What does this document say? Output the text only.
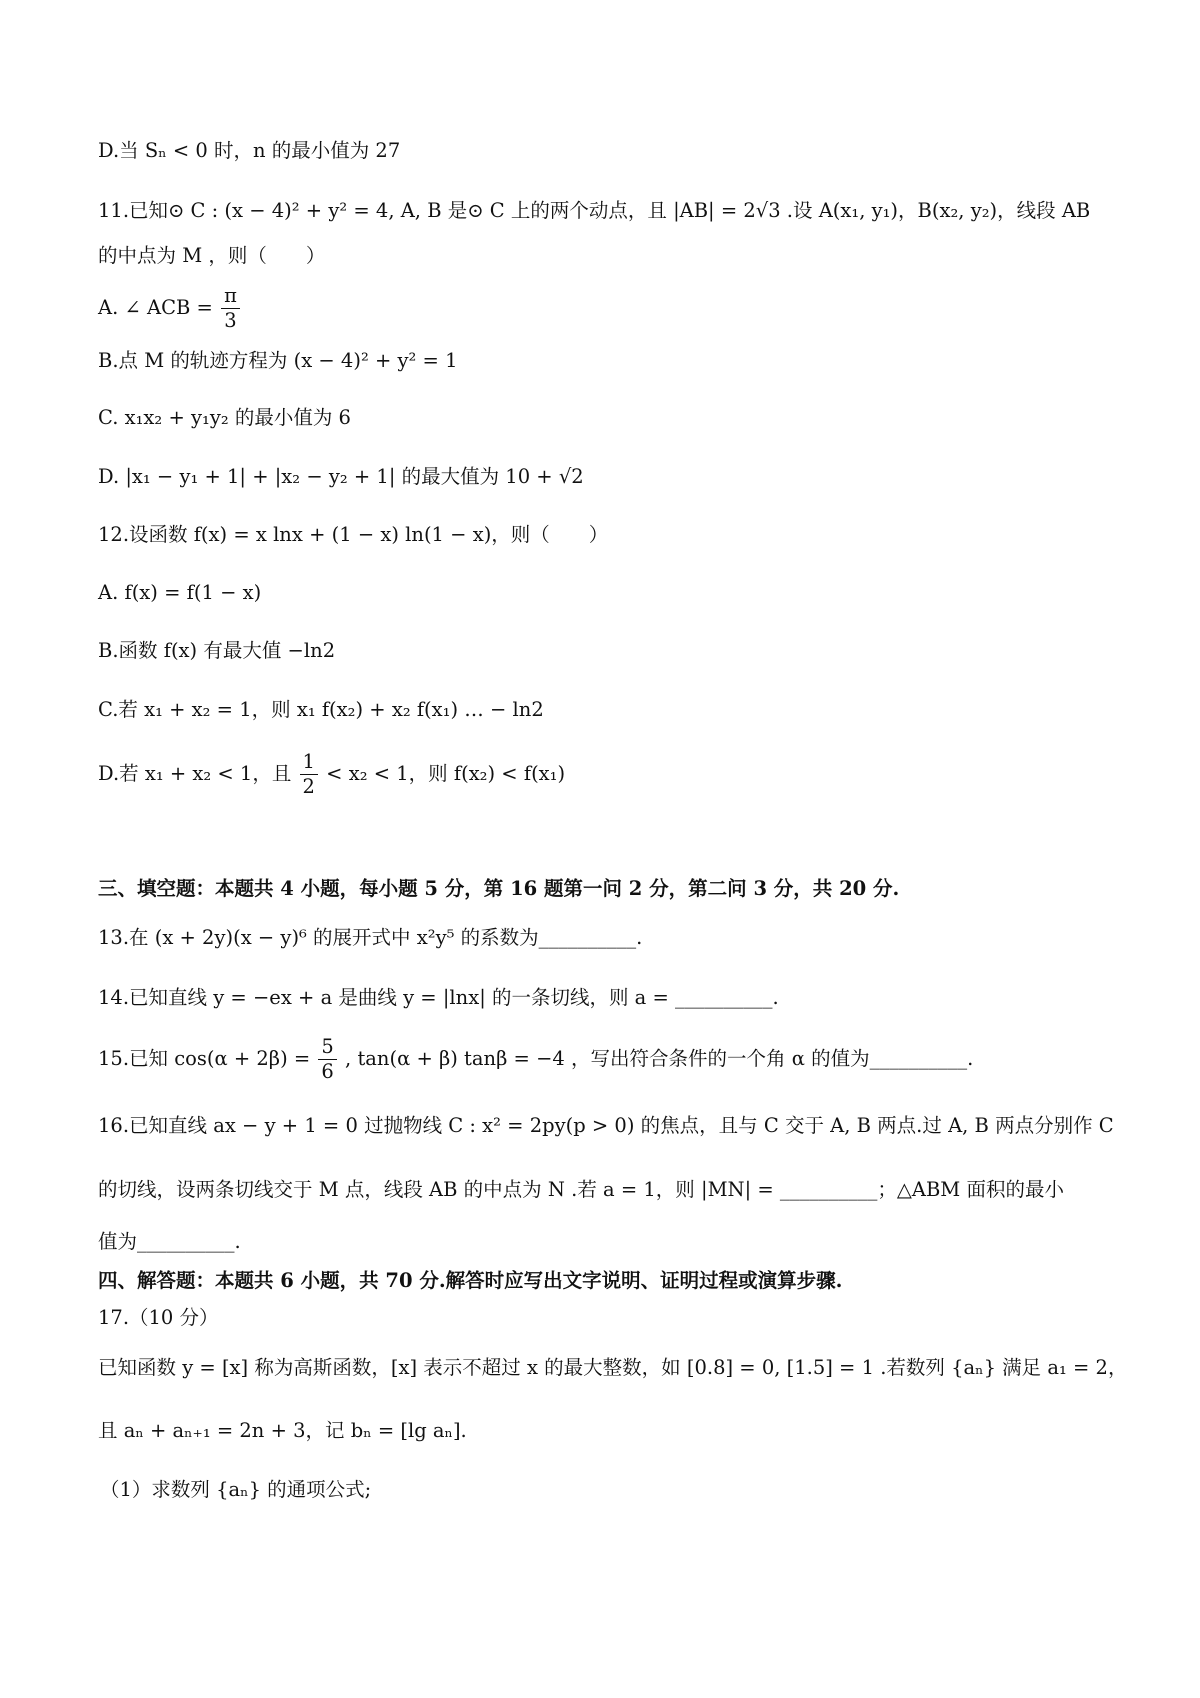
D.当 Sₙ < 0 时，n 的最小值为 27
11.已知⊙ C : (x − 4)² + y² = 4, A, B 是⊙ C 上的两个动点，且 |AB| = 2√3 .设 A(x₁, y₁)，B(x₂, y₂)，线段 AB
的中点为 M ，则（　　）
A. ∠ ACB = $\frac{\pi}{3}$
B.点 M 的轨迹方程为 (x − 4)² + y² = 1
C. x₁x₂ + y₁y₂ 的最小值为 6
D. |x₁ − y₁ + 1| + |x₂ − y₂ + 1| 的最大值为 10 + √2
12.设函数 f(x) = x lnx + (1 − x) ln(1 − x)，则（　　）
A. f(x) = f(1 − x)
B.函数 f(x) 有最大值 −ln2
C.若 x₁ + x₂ = 1，则 x₁ f(x₂) + x₂ f(x₁) … − ln2
D.若 x₁ + x₂ < 1，且 $\frac{1}{2} < x_2 < 1$，则 f(x₂) < f(x₁)
三、填空题：本题共 4 小题，每小题 5 分，第 16 题第一问 2 分，第二问 3 分，共 20 分.
13.在 (x + 2y)(x − y)⁶ 的展开式中 x²y⁵ 的系数为__________.
14.已知直线 y = −ex + a 是曲线 y = |lnx| 的一条切线，则 a = __________.
15.已知 $\cos(\alpha + 2\beta) = \frac{5}{6}$ , tan(α + β) tanβ = −4 ，写出符合条件的一个角 α 的值为__________.
16.已知直线 ax − y + 1 = 0 过抛物线 C : x² = 2py(p > 0) 的焦点，且与 C 交于 A, B 两点.过 A, B 两点分别作 C
的切线，设两条切线交于 M 点，线段 AB 的中点为 N .若 a = 1，则 |MN| = __________；△ABM 面积的最小
值为__________.
四、解答题：本题共 6 小题，共 70 分.解答时应写出文字说明、证明过程或演算步骤.
17.（10 分）
已知函数 y = [x] 称为高斯函数，[x] 表示不超过 x 的最大整数，如 [0.8] = 0, [1.5] = 1 .若数列 {aₙ} 满足 a₁ = 2，
且 aₙ + aₙ₊₁ = 2n + 3，记 bₙ = [lg aₙ].
（1）求数列 {aₙ} 的通项公式;
